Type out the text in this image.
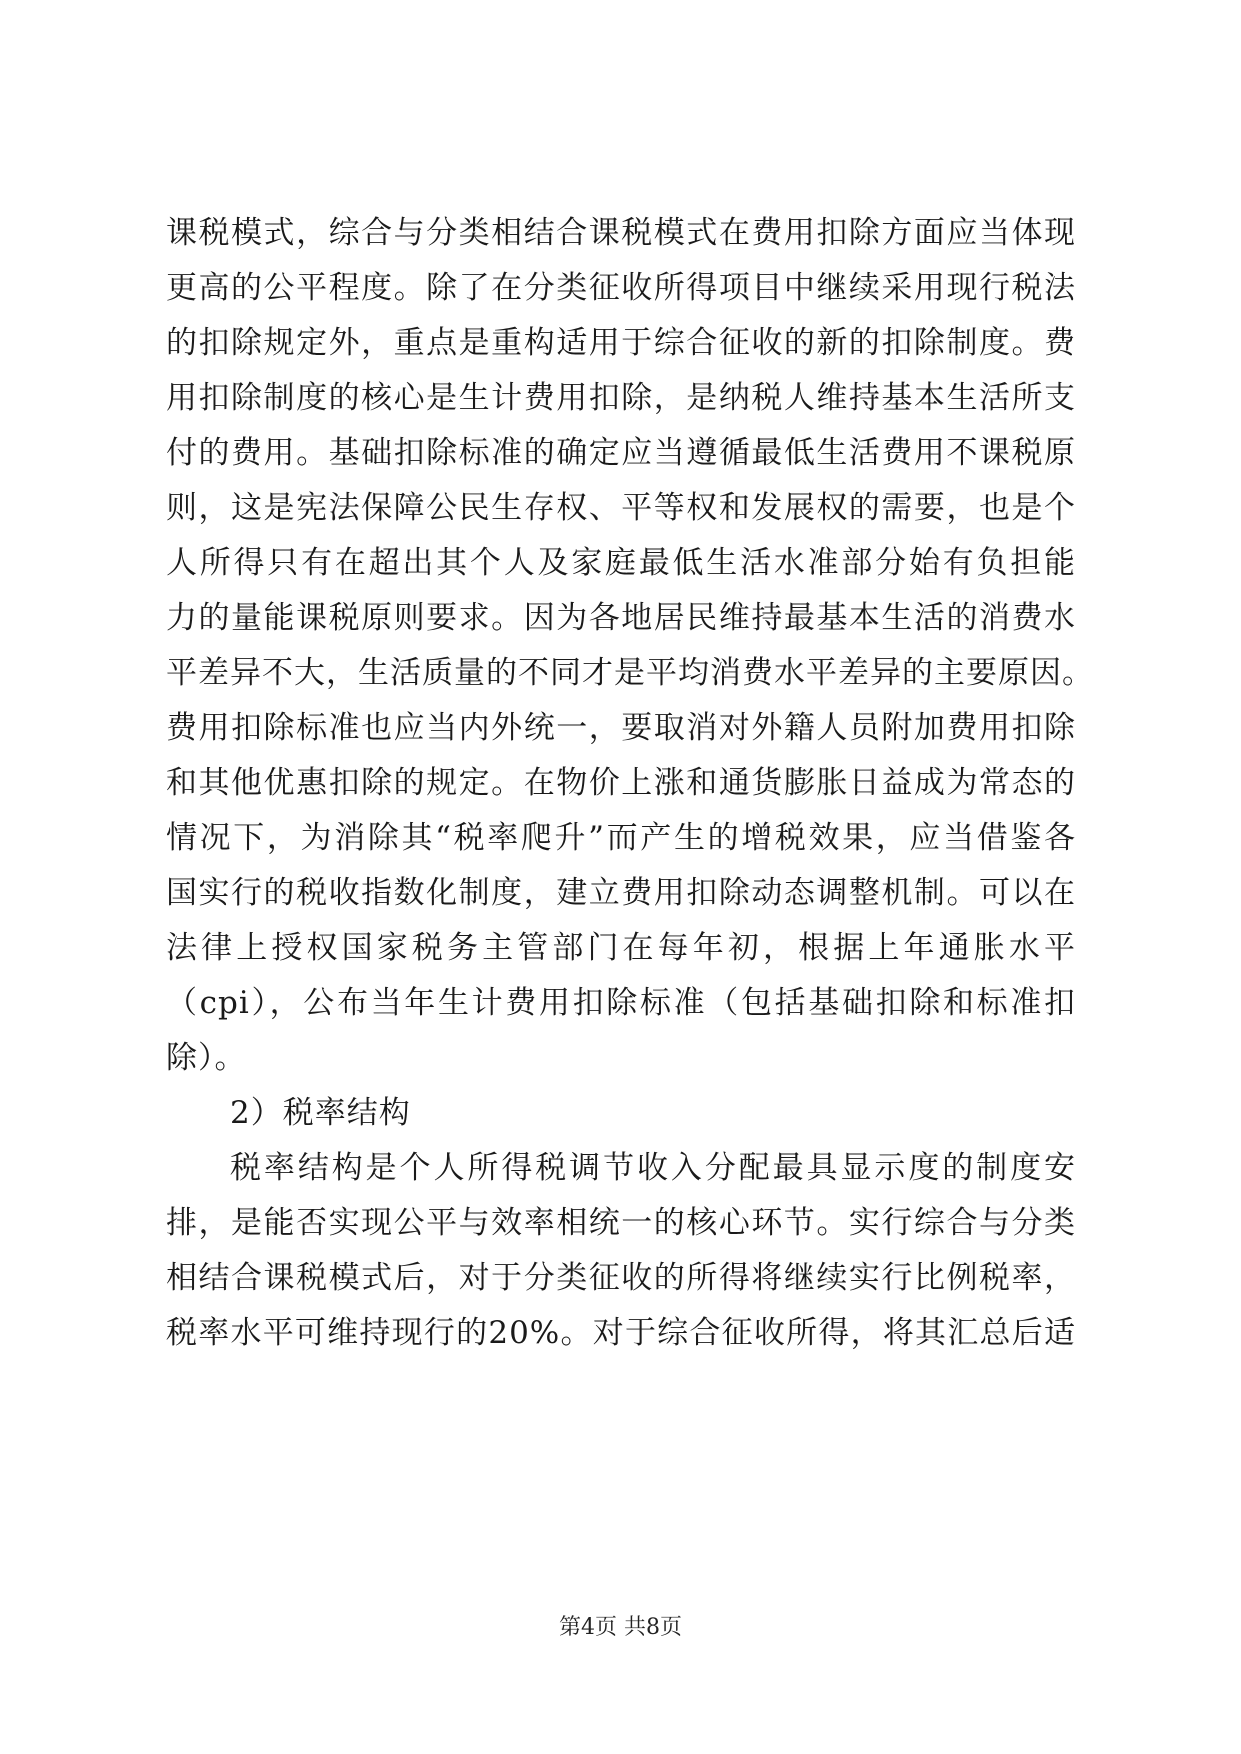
课税模式，综合与分类相结合课税模式在费用扣除方面应当体现
更高的公平程度。除了在分类征收所得项目中继续采用现行税法
的扣除规定外，重点是重构适用于综合征收的新的扣除制度。费
用扣除制度的核心是生计费用扣除，是纳税人维持基本生活所支
付的费用。基础扣除标准的确定应当遵循最低生活费用不课税原
则，这是宪法保障公民生存权、平等权和发展权的需要，也是个
人所得只有在超出其个人及家庭最低生活水准部分始有负担能
力的量能课税原则要求。因为各地居民维持最基本生活的消费水
平差异不大，生活质量的不同才是平均消费水平差异的主要原因。
费用扣除标准也应当内外统一，要取消对外籍人员附加费用扣除
和其他优惠扣除的规定。在物价上涨和通货膨胀日益成为常态的
情况下，为消除其“税率爬升”而产生的增税效果，应当借鉴各
国实行的税收指数化制度，建立费用扣除动态调整机制。可以在
法律上授权国家税务主管部门在每年初，根据上年通胀水平
（cpi），公布当年生计费用扣除标准（包括基础扣除和标准扣
除）。
2）税率结构
税率结构是个人所得税调节收入分配最具显示度的制度安
排，是能否实现公平与效率相统一的核心环节。实行综合与分类
相结合课税模式后，对于分类征收的所得将继续实行比例税率，
税率水平可维持现行的20%。对于综合征收所得，将其汇总后适
第4页 共8页
